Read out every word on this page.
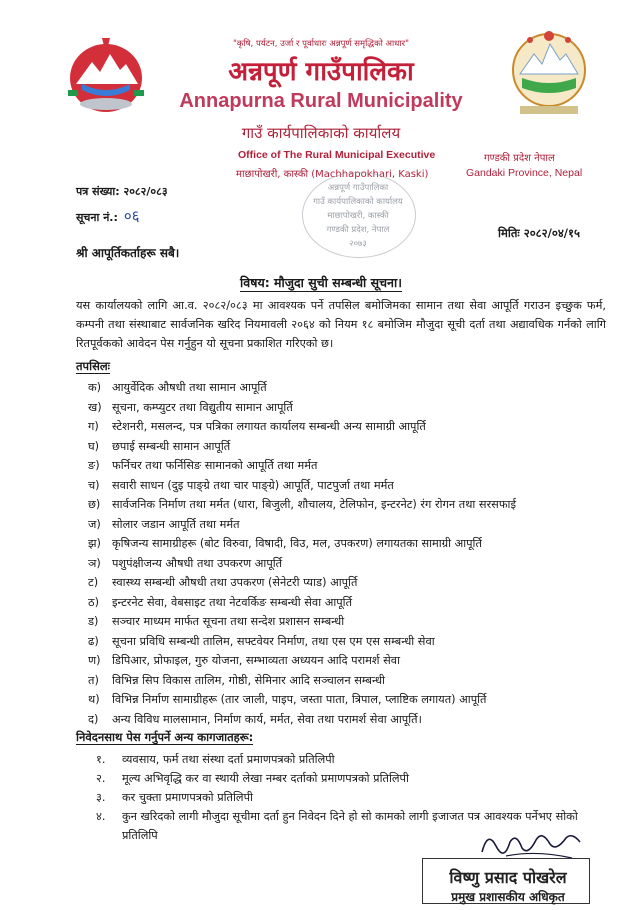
"कृषि, पर्यटन, उर्जा र पूर्वाधारः अन्नपूर्ण समृद्धिको आधार"
अन्नपूर्ण गाउँपालिका
Annapurna Rural Municipality
गाउँ कार्यपालिकाको कार्यालय
Office of The Rural Municipal Executive
माछापोखरी, कास्की (Machhapokhari, Kaski)
गण्डकी प्रदेश नेपाल
Gandaki Province, Nepal
अन्नपूर्ण गाउँपालिका
गाउँ कार्यपालिकाको कार्यालय
माछापोखरी, कास्की
गण्डकी प्रदेश, नेपाल
२०७३
पत्र संख्या: २०८२/०८३
सूचना नं.: ०६
मितिः २०८२/०४/१५
श्री आपूर्तिकर्ताहरू सबै।
विषय: मौजुदा सुची सम्बन्धी सूचना।
यस कार्यालयको लागि आ.व. २०८२/०८३ मा आवश्यक पर्ने तपसिल बमोजिमका सामान तथा सेवा आपूर्ति गराउन इच्छुक फर्म, कम्पनी तथा संस्थाबाट सार्वजनिक खरिद नियमावली २०६४ को नियम १८ बमोजिम मौजुदा सूची दर्ता तथा अद्यावधिक गर्नको लागि रितपूर्वकको आवेदन पेस गर्नुहुन यो सूचना प्रकाशित गरिएको छ।
तपसिलः
क) आयुर्वेदिक औषधी तथा सामान आपूर्ति
ख) सूचना, कम्प्युटर तथा विद्युतीय सामान आपूर्ति
ग) स्टेशनरी, मसलन्द, पत्र पत्रिका लगायत कार्यालय सम्बन्धी अन्य सामाग्री आपूर्ति
घ) छपाई सम्बन्धी सामान आपूर्ति
ङ) फर्निचर तथा फर्निसिङ सामानको आपूर्ति तथा मर्मत
च) सवारी साधन (दुइ पाङ्ग्रे तथा चार पाङ्ग्रे) आपूर्ति, पाटपुर्जा तथा मर्मत
छ) सार्वजनिक निर्माण तथा मर्मत (धारा, बिजुली, शौचालय, टेलिफोन, इन्टरनेट) रंग रोगन तथा सरसफाई
ज) सोलार जडान आपूर्ति तथा मर्मत
झ) कृषिजन्य सामाग्रीहरू (बोट विरुवा, विषादी, विउ, मल, उपकरण) लगायतका सामाग्री आपूर्ति
ञ) पशुपंक्षीजन्य औषधी तथा उपकरण आपूर्ति
ट) स्वास्थ्य सम्बन्धी औषधी तथा उपकरण (सेनेटरी प्याड) आपूर्ति
ठ) इन्टरनेट सेवा, वेबसाइट तथा नेटवर्किङ सम्बन्धी सेवा आपूर्ति
ड) सञ्चार माध्यम मार्फत सूचना तथा सन्देश प्रशासन सम्बन्धी
ढ) सूचना प्रविधि सम्बन्धी तालिम, सफ्टवेयर निर्माण, तथा एस एम एस सम्बन्धी सेवा
ण) डिपिआर, प्रोफाइल, गुरु योजना, सम्भाव्यता अध्ययन आदि परामर्श सेवा
त) विभिन्न सिप विकास तालिम, गोष्ठी, सेमिनार आदि सञ्चालन सम्बन्धी
थ) विभिन्न निर्माण सामाग्रीहरू (तार जाली, पाइप, जस्ता पाता, त्रिपाल, प्लाष्टिक लगायत) आपूर्ति
द) अन्य विविध मालसामान, निर्माण कार्य, मर्मत, सेवा तथा परामर्श सेवा आपूर्ति।
निवेदनसाथ पेस गर्नुपर्ने अन्य कागजातहरू:
१. व्यवसाय, फर्म तथा संस्था दर्ता प्रमाणपत्रको प्रतिलिपी
२. मूल्य अभिवृद्धि कर वा स्थायी लेखा नम्बर दर्ताको प्रमाणपत्रको प्रतिलिपी
३. कर चुक्ता प्रमाणपत्रको प्रतिलिपी
४. कुन खरिदको लागी मौजुदा सूचीमा दर्ता हुन निवेदन दिने हो सो कामको लागी इजाजत पत्र आवश्यक पर्नेभए सोको प्रतिलिपि
विष्णु प्रसाद पोखरेल
प्रमुख प्रशासकीय अधिकृत
